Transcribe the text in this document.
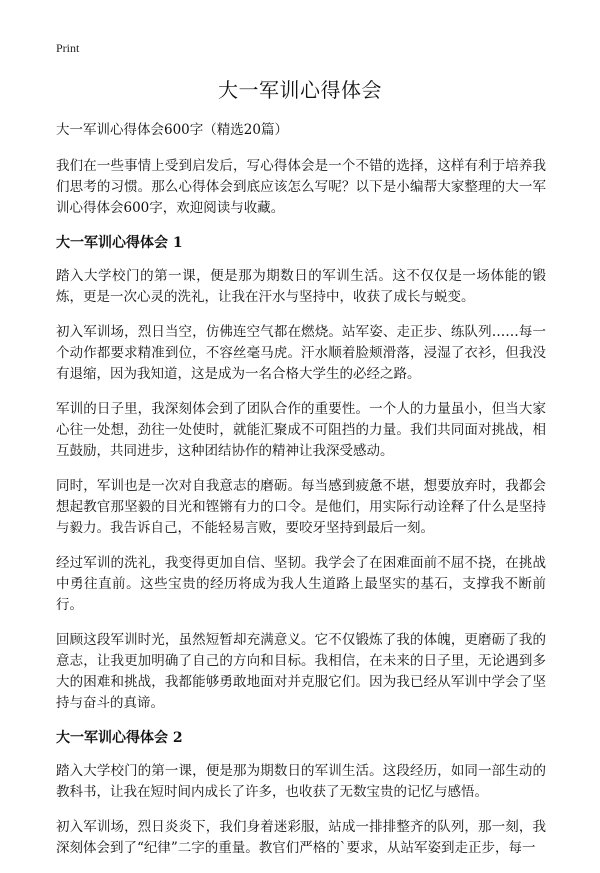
Print
大一军训心得体会
大一军训心得体会600字（精选20篇）

我们在一些事情上受到启发后，写心得体会是一个不错的选择，这样有利于培养我们思考的习惯。那么心得体会到底应该怎么写呢？以下是小编帮大家整理的大一军训心得体会600字，欢迎阅读与收藏。

大一军训心得体会 1

踏入大学校门的第一课，便是那为期数日的军训生活。这不仅仅是一场体能的锻炼，更是一次心灵的洗礼，让我在汗水与坚持中，收获了成长与蜕变。

初入军训场，烈日当空，仿佛连空气都在燃烧。站军姿、走正步、练队列……每一个动作都要求精准到位，不容丝毫马虎。汗水顺着脸颊滑落，浸湿了衣衫，但我没有退缩，因为我知道，这是成为一名合格大学生的必经之路。

军训的日子里，我深刻体会到了团队合作的重要性。一个人的力量虽小，但当大家心往一处想，劲往一处使时，就能汇聚成不可阻挡的力量。我们共同面对挑战，相互鼓励，共同进步，这种团结协作的精神让我深受感动。

同时，军训也是一次对自我意志的磨砺。每当感到疲惫不堪，想要放弃时，我都会想起教官那坚毅的目光和铿锵有力的口令。是他们，用实际行动诠释了什么是坚持与毅力。我告诉自己，不能轻易言败，要咬牙坚持到最后一刻。

经过军训的洗礼，我变得更加自信、坚韧。我学会了在困难面前不屈不挠，在挑战中勇往直前。这些宝贵的经历将成为我人生道路上最坚实的基石，支撑我不断前行。

回顾这段军训时光，虽然短暂却充满意义。它不仅锻炼了我的体魄，更磨砺了我的意志，让我更加明确了自己的方向和目标。我相信，在未来的日子里，无论遇到多大的困难和挑战，我都能够勇敢地面对并克服它们。因为我已经从军训中学会了坚持与奋斗的真谛。

大一军训心得体会 2

踏入大学校门的第一课，便是那为期数日的军训生活。这段经历，如同一部生动的教科书，让我在短时间内成长了许多，也收获了无数宝贵的记忆与感悟。

初入军训场，烈日炎炎下，我们身着迷彩服，站成一排排整齐的队列，那一刻，我深刻体会到了“纪律”二字的重量。教官们严格的`要求，从站军姿到走正步，每一
